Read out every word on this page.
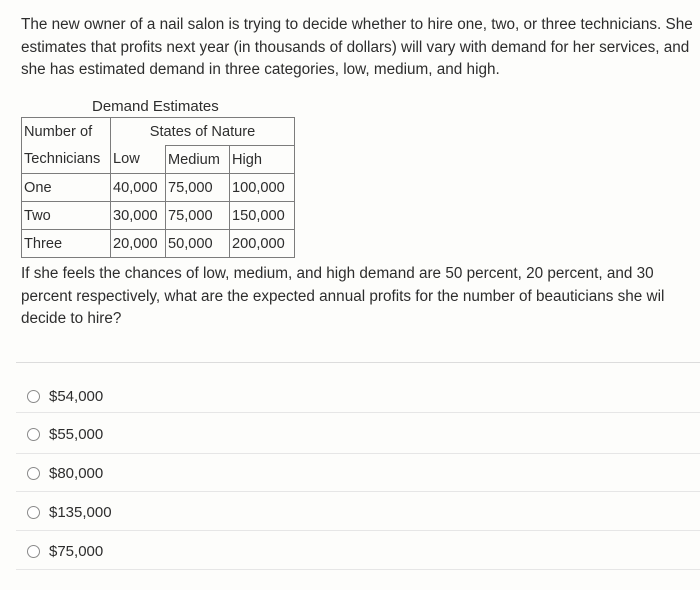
The new owner of a nail salon is trying to decide whether to hire one, two, or three technicians. She estimates that profits next year (in thousands of dollars) will vary with demand for her services, and she has estimated demand in three categories, low, medium, and high.

Demand Estimates
Number of	States of Nature		
Technicians	Low	Medium	High
One	40,000	75,000	100,000
Two	30,000	75,000	150,000
Three	20,000	50,000	200,000
If she feels the chances of low, medium, and high demand are 50 percent, 20 percent, and 30
percent respectively, what are the expected annual profits for the number of beauticians she wil
decide to hire?
$54,000
$55,000
$80,000
$135,000
$75,000
